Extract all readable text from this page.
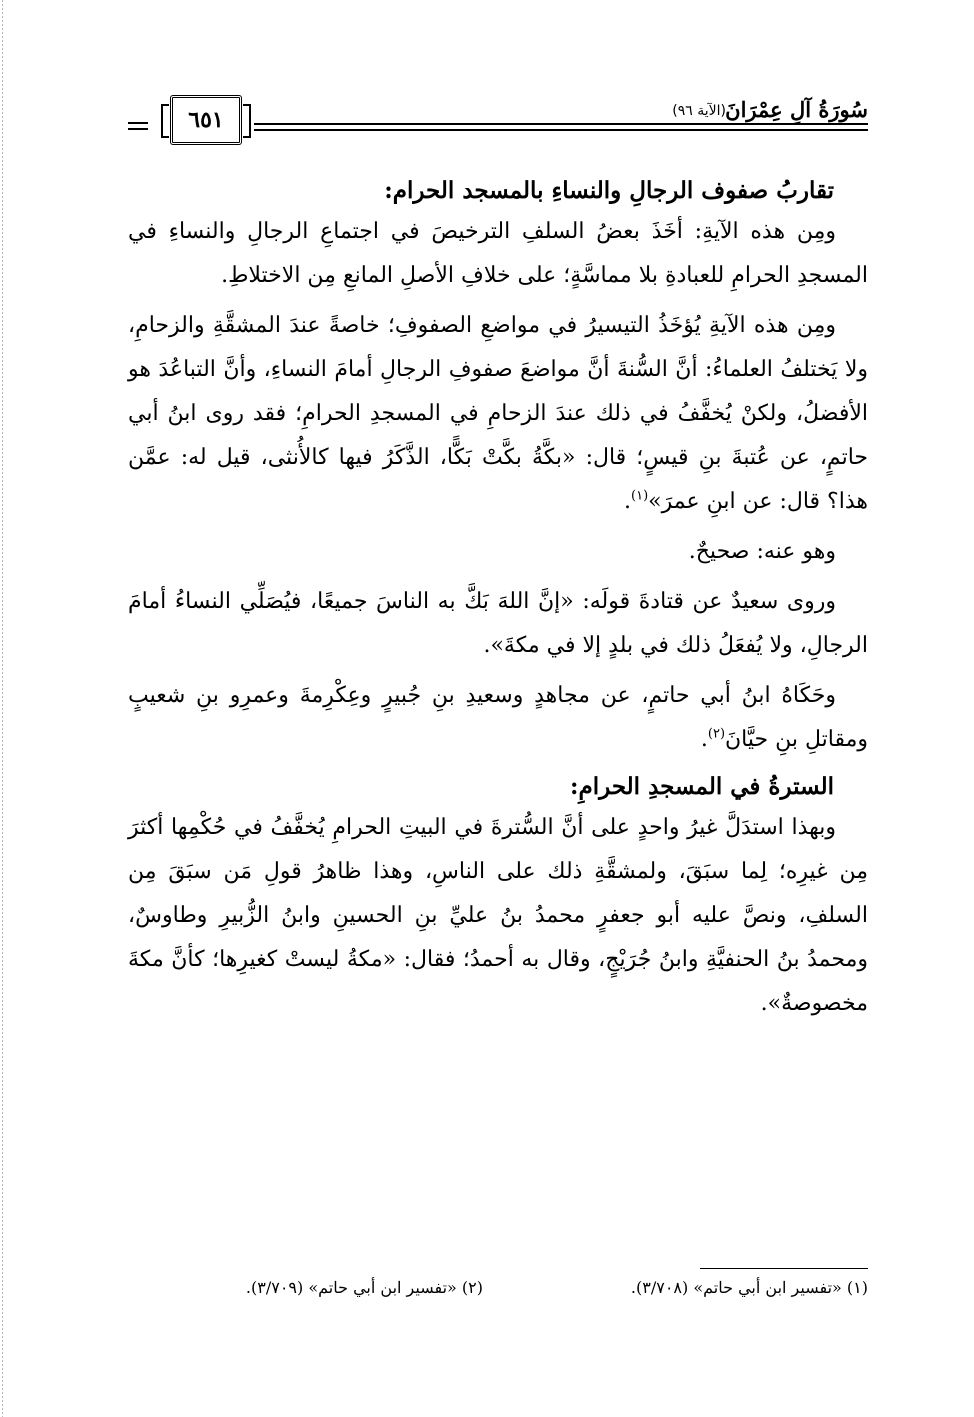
٦٥١	سُورَةُ آلِ عِمْرَانَ
(الآية ٩٦)
تقاربُ صفوف الرجالِ والنساءِ بالمسجد الحرام:

ومِن هذه الآيةِ: أخَذَ بعضُ السلفِ الترخيصَ في اجتماعِ الرجالِ والنساءِ في المسجدِ الحرامِ للعبادةِ بلا مماسَّةٍ؛ على خلافِ الأصلِ المانعِ مِن الاختلاطِ.

ومِن هذه الآيةِ يُؤخَذُ التيسيرُ في مواضعِ الصفوفِ؛ خاصةً عندَ المشقَّةِ والزحامِ، ولا يَختلفُ العلماءُ: أنَّ السُّنةَ أنَّ مواضعَ صفوفِ الرجالِ أمامَ النساءِ، وأنَّ التباعُدَ هو الأفضلُ، ولكنْ يُخفَّفُ في ذلك عندَ الزحامِ في المسجدِ الحرامِ؛ فقد روى ابنُ أبي حاتمٍ، عن عُتبةَ بنِ قيسٍ؛ قال: «بكَّةُ بكَّتْ بَكًّا، الذَّكَرُ فيها كالأُنثى، قيل له: عمَّن هذا؟ قال: عن ابنِ عمرَ»$^{(١)}$.

وهو عنه: صحيحٌ.

وروى سعيدٌ عن قتادةَ قولَه: «إنَّ اللهَ بَكَّ به الناسَ جميعًا، فيُصَلِّي النساءُ أمامَ الرجالِ، ولا يُفعَلُ ذلك في بلدٍ إلا في مكةَ».

وحَكَاهُ ابنُ أبي حاتمٍ، عن مجاهدٍ وسعيدِ بنِ جُبيرٍ وعِكْرِمةَ وعمرِو بنِ شعيبٍ ومقاتلِ بنِ حيَّانَ$^{(٢)}$.

السترةُ في المسجدِ الحرامِ:

وبهذا استدَلَّ غيرُ واحدٍ على أنَّ السُّترةَ في البيتِ الحرامِ يُخفَّفُ في حُكْمِها أكثرَ مِن غيرِه؛ لِما سبَقَ، ولمشقَّةِ ذلك على الناسِ، وهذا ظاهرُ قولِ مَن سبَقَ مِن السلفِ، ونصَّ عليه أبو جعفرٍ محمدُ بنُ عليِّ بنِ الحسينِ وابنُ الزُّبيرِ وطاوسٌ، ومحمدُ بنُ الحنفيَّةِ وابنُ جُرَيْجٍ، وقال به أحمدُ؛ فقال: «مكةُ ليستْ كغيرِها؛ كأنَّ مكةَ مخصوصةٌ».

(١) «تفسير ابن أبي حاتم» (٣/٧٠٨).
(٢) «تفسير ابن أبي حاتم» (٣/٧٠٩).
